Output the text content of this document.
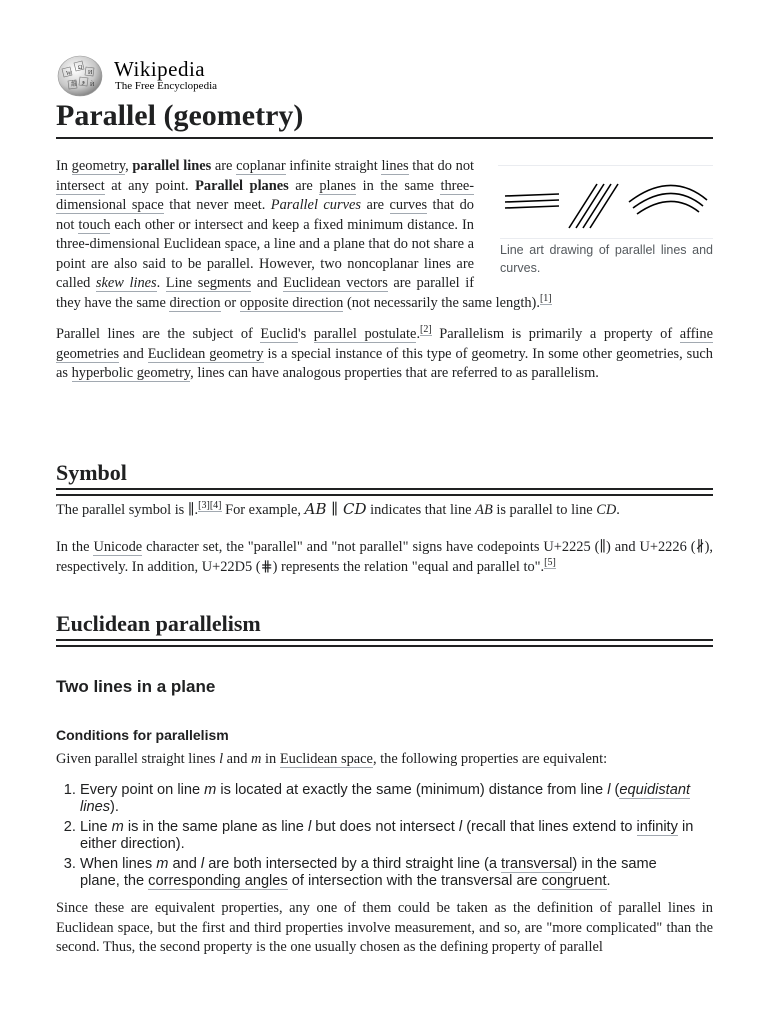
Ω
W	И
維 ﻭ Ѝ
Wikipedia
The Free Encyclopedia
Parallel (geometry)
Line art drawing of parallel lines and curves.

In geometry, parallel lines are coplanar infinite straight lines that do not intersect at any point. Parallel planes are planes in the same three-dimensional space that never meet. Parallel curves are curves that do not touch each other or intersect and keep a fixed minimum distance. In three-dimensional Euclidean space, a line and a plane that do not share a point are also said to be parallel. However, two noncoplanar lines are called skew lines. Line segments and Euclidean vectors are parallel if they have the same direction or opposite direction (not necessarily the same length).[1]

Parallel lines are the subject of Euclid's parallel postulate.[2] Parallelism is primarily a property of affine geometries and Euclidean geometry is a special instance of this type of geometry. In some other geometries, such as hyperbolic geometry, lines can have analogous properties that are referred to as parallelism.

Symbol

The parallel symbol is ∥.[3][4] For example, AB ∥ CD indicates that line AB is parallel to line CD.

In the Unicode character set, the "parallel" and "not parallel" signs have codepoints U+2225 (∥) and U+2226 (∦), respectively. In addition, U+22D5 (⋕) represents the relation "equal and parallel to".[5]

Euclidean parallelism
Two lines in a plane
Conditions for parallelism

Given parallel straight lines l and m in Euclidean space, the following properties are equivalent:

1. Every point on line m is located at exactly the same (minimum) distance from line l (equidistant lines).
2. Line m is in the same plane as line l but does not intersect l (recall that lines extend to infinity in either direction).
3. When lines m and l are both intersected by a third straight line (a transversal) in the same plane, the corresponding angles of intersection with the transversal are congruent.

Since these are equivalent properties, any one of them could be taken as the definition of parallel lines in Euclidean space, but the first and third properties involve measurement, and so, are "more complicated" than the second. Thus, the second property is the one usually chosen as the defining property of parallel
